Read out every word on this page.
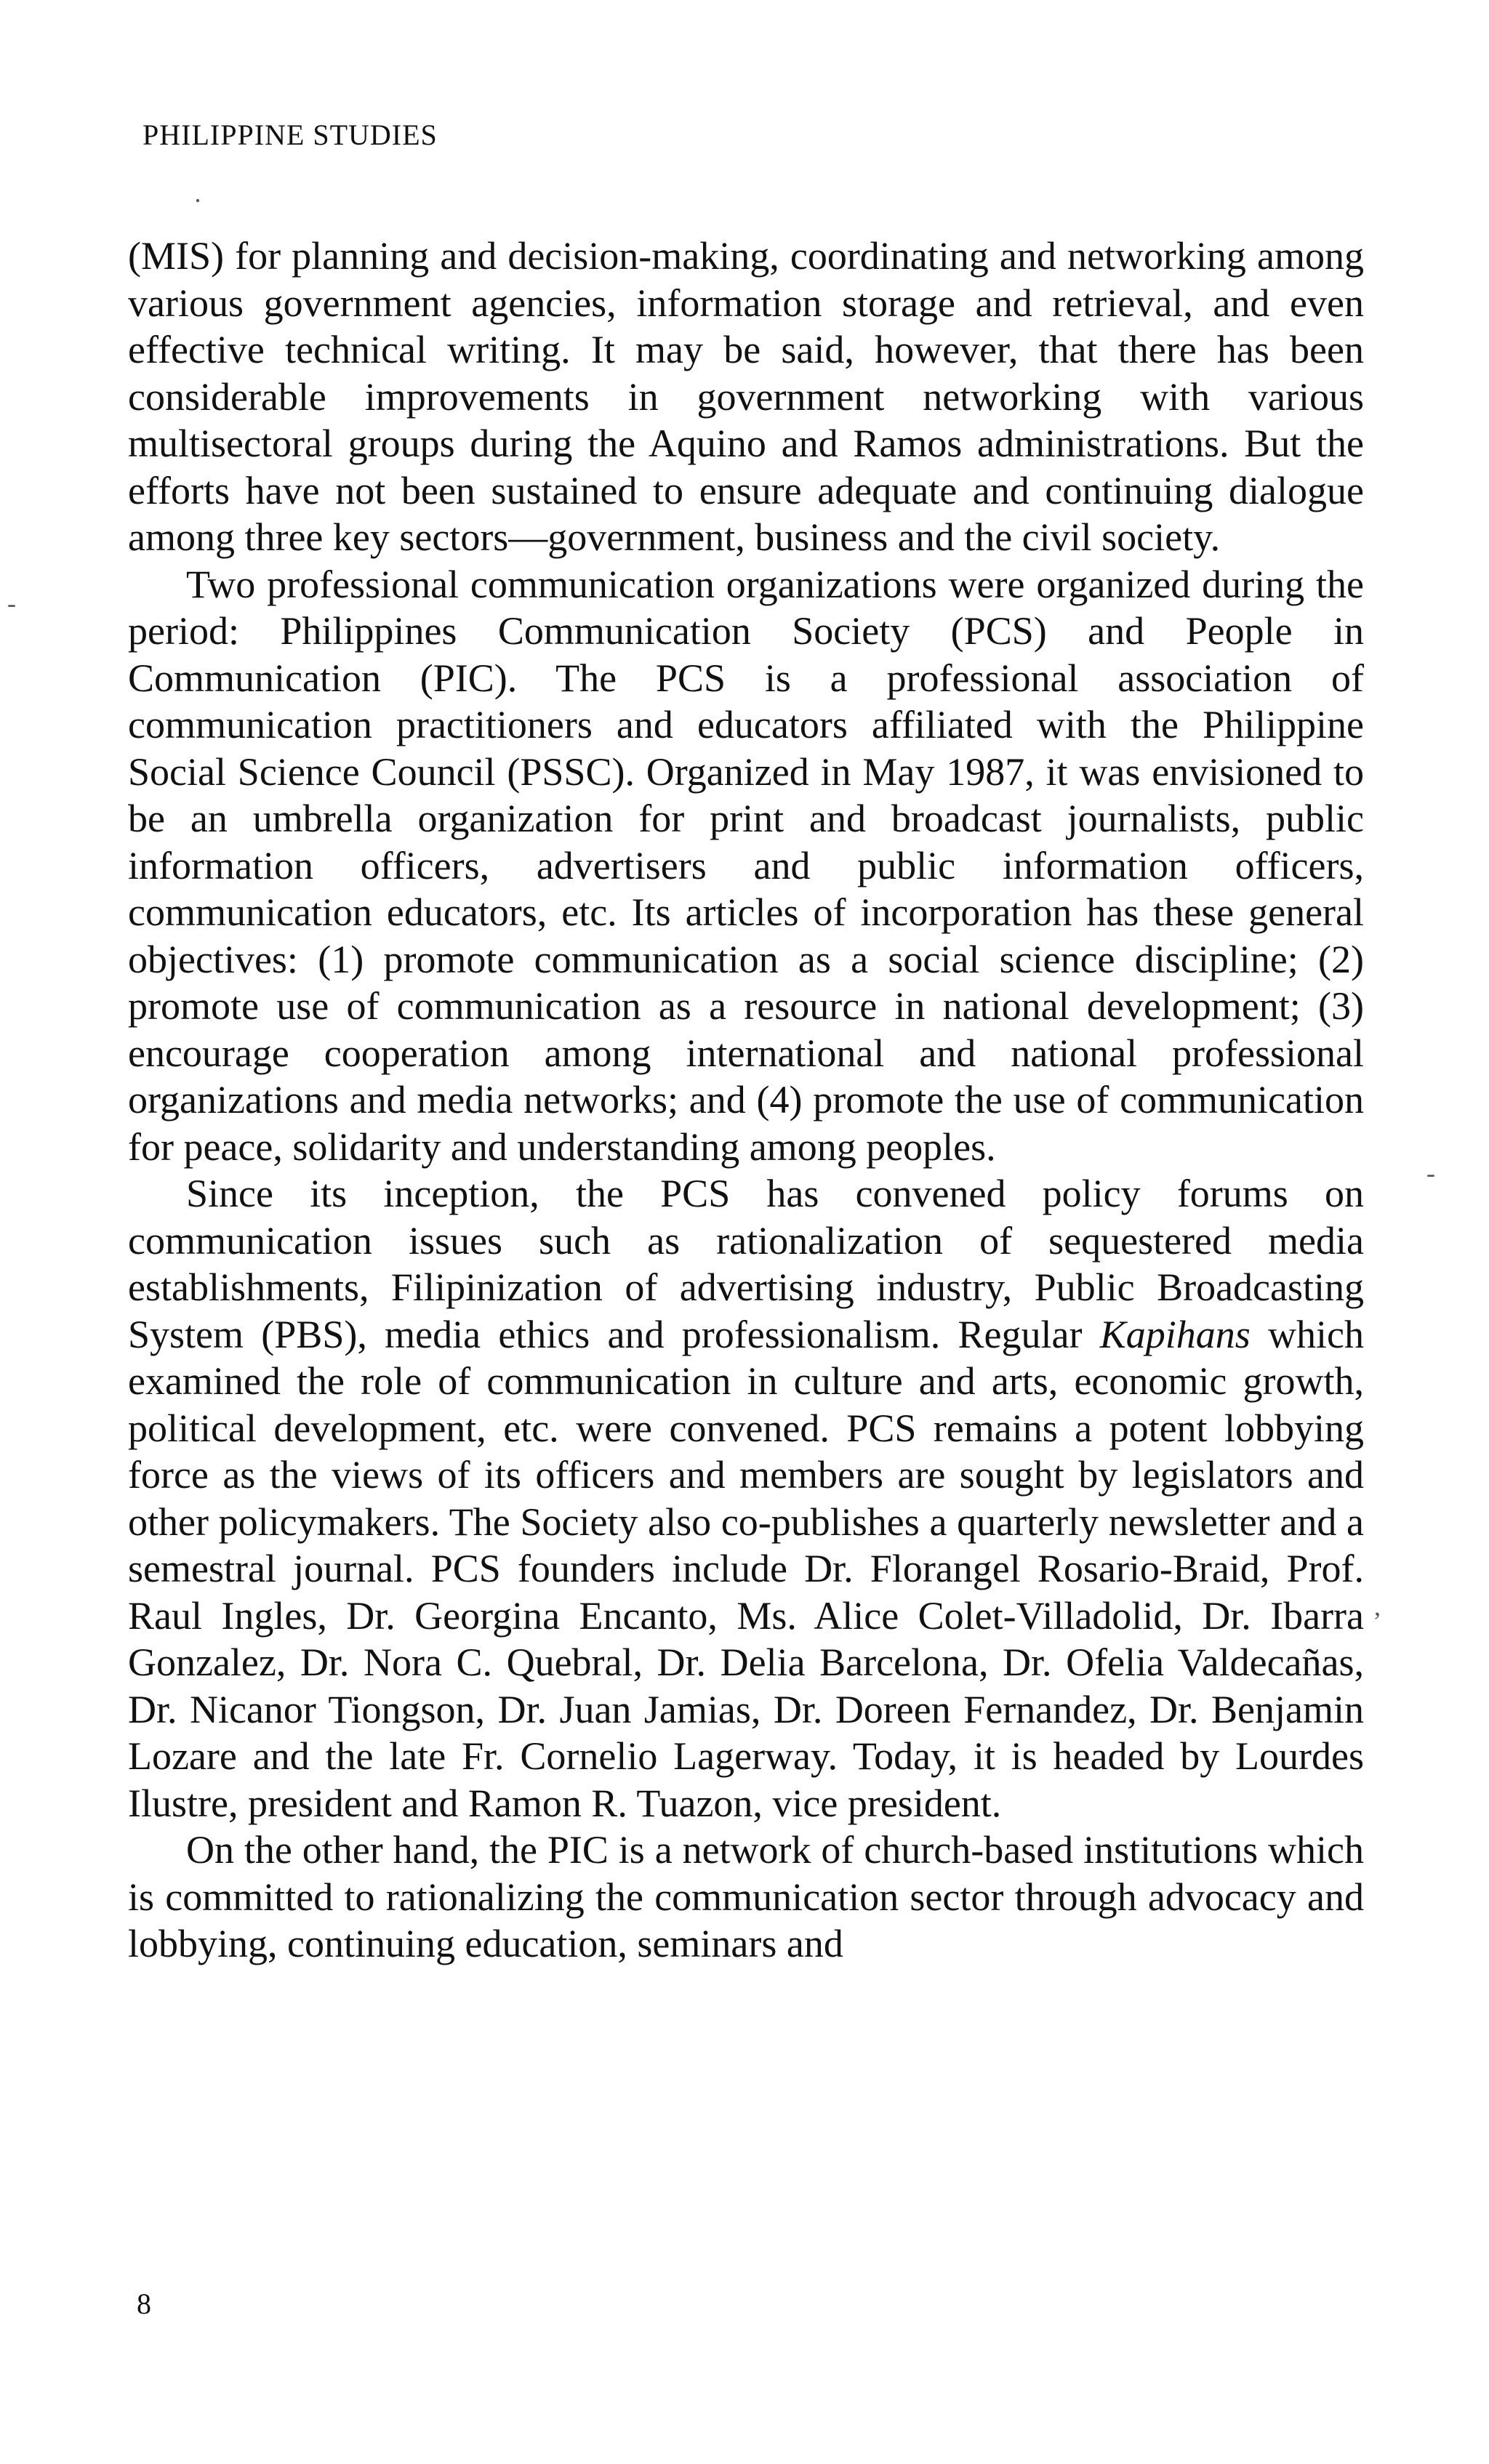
PHILIPPINE STUDIES

(MIS) for planning and decision-making, coordinating and networking among various government agencies, information storage and retrieval, and even effective technical writing. It may be said, however, that there has been considerable improvements in government networking with various multisectoral groups during the Aquino and Ramos administrations. But the efforts have not been sustained to ensure adequate and continuing dialogue among three key sectors—government, business and the civil society.

Two professional communication organizations were organized during the period: Philippines Communication Society (PCS) and People in Communication (PIC). The PCS is a professional association of communication practitioners and educators affiliated with the Philippine Social Science Council (PSSC). Organized in May 1987, it was envisioned to be an umbrella organization for print and broadcast journalists, public information officers, advertisers and public information officers, communication educators, etc. Its articles of incorporation has these general objectives: (1) promote communication as a social science discipline; (2) promote use of communication as a resource in national development; (3) encourage cooperation among international and national professional organizations and media networks; and (4) promote the use of communication for peace, solidarity and understanding among peoples.

Since its inception, the PCS has convened policy forums on communication issues such as rationalization of sequestered media establishments, Filipinization of advertising industry, Public Broadcasting System (PBS), media ethics and professionalism. Regular Kapihans which examined the role of communication in culture and arts, economic growth, political development, etc. were convened. PCS remains a potent lobbying force as the views of its officers and members are sought by legislators and other policymakers. The Society also co-publishes a quarterly newsletter and a semestral journal. PCS founders include Dr. Florangel Rosario-Braid, Prof. Raul Ingles, Dr. Georgina Encanto, Ms. Alice Colet-Villadolid, Dr. Ibarra Gonzalez, Dr. Nora C. Quebral, Dr. Delia Barcelona, Dr. Ofelia Valdecañas, Dr. Nicanor Tiongson, Dr. Juan Jamias, Dr. Doreen Fernandez, Dr. Benjamin Lozare and the late Fr. Cornelio Lagerway. Today, it is headed by Lourdes Ilustre, president and Ramon R. Tuazon, vice president.

On the other hand, the PIC is a network of church-based institutions which is committed to rationalizing the communication sector through advocacy and lobbying, continuing education, seminars and

8
·
-
-
,
